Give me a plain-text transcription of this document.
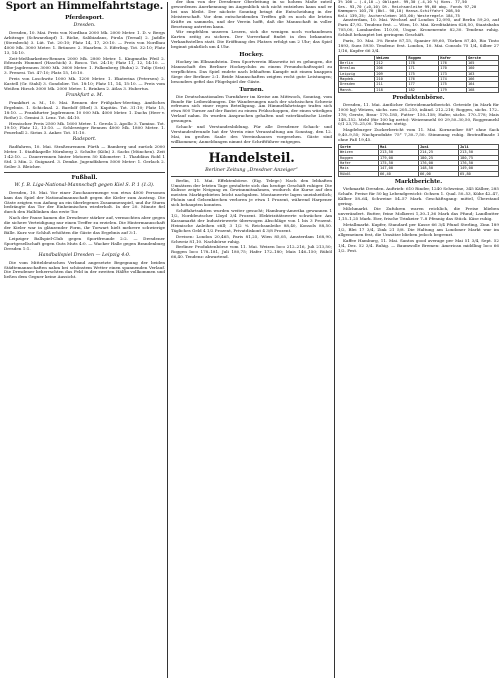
Sport an Himmelfahrtstage.
Pferdesport.
Dresden.

Dresden, 10. Mai. Preis von Nordbau 2000 Mk. 2000 Meter. 1. D. v. Bergs Arbitrage (Schwarzkopf) 1. Ricke, Salibiadans, Pirola (Ternal) 2. Jaddle (Sternbeck) 3. Lüt. Tot. 20:10; Platz 14, 17, 20:10. — Preis von Nordbau 4000 Mk. 3000 Meter. 1. Brünner. 2. Haarlem. 3. Eiferling. Tot. 32:10; Platz 13, 14:10.

Zeit-Meßbarkeiten-Rennen 2000 Mk. 2800 Meter. 1. Kingmuths Pfeil 2. Edwards Hummel (Haschick) 3. Bosco. Tot. 24:10; Platz 11, 12, 14:10. — Elbe-Jagdrennen 3000 Mk. 3600 Meter. 1. Falkenberg (Ruhn) 2. Tulip (Seiz) 3. Frenesi. Tot. 47:10; Platz 15, 16:10.

Preis von Loschwitz 1000 Mk. 1200 Meter. 1. Ekaterina (Petersen) 2. Kastell (Gr. Stahl) 3. Gondolier. Tot. 18:10; Platz 11, 14, 15:10. — Preis vom Weißen Hirsch 3000 Mk. 2000 Meter. 1. Brinken 2. Atlas 3. Hubertus.

Frankfurt a. M.

Frankfurt a. M., 10. Mai. Rennen der Frühjahrs-Meeting. Amtliches Ergebnis. 1. Schicksal. 2. Bardolf (Ebel) 3. Kapitän. Tot. 31:10; Platz 15, 18:10. — Frankfurter Jagdrennen 10 000 Mk. 4000 Meter. 1. Dachs (Herr v. Rothe) 2. Gemini 3. Lenz. Tot. 44:10.

Hessischer Preis 2500 Mk. 1600 Meter. 1. Gerola 2. Apollo 3. Tamino. Tot. 19:10; Platz 12, 13:10. — Schleswiger Rennen 4000 Mk. 1800 Meter. 1. Feuerball 2. Sirius 3. Anker. Tot. 51:10.

Radsport.

Radfahren, 10. Mai. Straßenrennen Fürth — Bamberg und zurück 2000 Meter. 1. Stadtkapelle Nürnberg 2. Schulte (Köln) 3. Sachs (München). Zeit 1:42:10. — Dauerrennen hinter Motoren 50 Kilometer: 1. Thaddäus Robl 1 Std. 2 Min. 2. Guignard. 3. Demke. Jugendfahren 5000 Meter: 1. Gerlach 2. Seiler 3. Bleicher.

Fußball.
W. f. B. Liga-National-Mannschaft gegen Kiel S. P. 1 (1:3).

Dresden, 10. Mai. Vor einer Zuschauermenge von etwa 4000 Personen kam das Spiel der Nationalmannschaft gegen die Kieler zum Austrag. Die Gäste zeigten von Anfang an ein überlegenes Zusammenspiel, und ihr Sturm bedrängte das Tor der Einheimischen wiederholt. In der 20. Minute fiel durch den Halblinken das erste Tor.

Nach der Pause kamen die Dresdener stärker auf, vermochten aber gegen die sichere Verteidigung nur einen Treffer zu erzielen. Die Hintermannschaft der Kieler war in glänzender Form, ihr Torwart hielt mehrere schwierige Bälle. Kurz vor Schluß erhöhten die Gäste das Ergebnis auf 3:1.

Leipziger Ballspiel-Club gegen Sportfreunde 2:2. — Dresdener Sportgesellschaft gegen Guts Muts 4:0. — Wacker Halle gegen Brandenburg Dresden 1:1.

Handballspiel Dresden — Leipzig 4:0.

Die vom Mitteldeutschen Verband angesetzte Begegnung der beiden Städtemannschaften nahm bei schönstem Wetter einen spannenden Verlauf. Die Dresdener beherrschten das Feld in der zweiten Hälfte vollkommen und ließen dem Gegner keine Aussicht.

der ihm von der Dresdener Oberleitung in so hohem Maße zuteil gewordenen Anerkennung im Augenblick sich nicht entziehen kann und er bei uns bleibt. Der nächste Sonntag bringt die Entscheidung in der Meisterschaft. Vor dem entscheidenden Treffen gilt es noch die letzten Kräfte zu sammeln, und der Verein hofft, daß die Mannschaft in voller Besetzung antreten kann.

Wir empfehlen unseren Lesern, sich die wenigen noch vorhandenen Karten zeitig zu sichern. Der Vorverkauf findet in den bekannten Verkaufsstellen statt. Die Eröffnung des Platzes erfolgt um 2 Uhr; das Spiel beginnt pünktlich um 4 Uhr.

Hockey.

Hockey im Elbsandstein. Dem Sportverein Blasewitz ist es gelungen, die Mannschaft des Berliner Hockeyclubs zu einem Freundschaftsspiel zu verpflichten. Das Spiel endete nach lebhaftem Kampfe mit einem knappen Siege der Berliner 2:1. Beide Mannschaften zeigten recht gute Leistungen; besonders gefiel das Flügelspiel der Gäste.

Turnen.

Die Deutschnationalen Turnfahrer im Kreise am Mittwoch, Sonntag, vom Bunde für Leibesübungen. Die Wanderungen nach der sächsischen Schweiz erfreuen sich einer regen Beteiligung. Am Himmelfahrtstage trafen sich etwa 800 Turner auf der Bastei zu einem Frühschoppen, der einen würdigen Verlauf nahm. Es wurden Ansprachen gehalten und vaterländische Lieder gesungen.

Schach- und Verstandesbildung. Für alle Dresdener Schach- und Verstandesfreunde hat der Verein eine Veranstaltung am Sonntag, den 12. Mai, im großen Saale des Vereinshauses vorgesehen. Gäste sind willkommen; Anmeldungen nimmt der Schriftführer entgegen.

Handelsteil.
Berliner Zeitung „Dresdner Anzeiger“

Berlin, 11. Mai. Effektenbörse. (Eig. Telegr.) Nach den lebhaften Umsätzen der letzten Tage gestaltete sich das heutige Geschäft ruhiger. Die Kulisse zeigte Neigung zu Gewinnmitnahmen, wodurch die Kurse auf den meisten Marktgebieten leicht nachgaben. Montanwerte lagen uneinheitlich; Phönix und Gelsenkirchen verloren je etwa 1 Prozent, während Harpener sich behaupten konnten.

Schiffahrtsaktien wurden weiter gesucht; Hamburg-Amerika gewannen 1 1/2, Norddeutscher Lloyd 3/4 Prozent. Elektrizitätswerte schwächer. Am Kassamarkt der Industriewerte überwogen Abschläge von 1 bis 3 Prozent. Heimische Anleihen still; 3 1/2 % Reichsanleihe 88,40, Konsols 88,50. Tägliches Geld 4 1/2 Prozent, Privatdiskont 4 3/8 Prozent.

Devisen: London 20,465, Paris 81,25, Wien 85,05, Amsterdam 168,90, Schweiz 81,10. Nachbörse ruhig.

Berliner Produktenbörse vom 11. Mai. Weizen loco 212–216, Juli 213,50; Roggen loco 178–181, Juli 180,75; Hafer 172–180; Mais 146–150; Rüböl 66,40. Tendenz: abwartend.

3% 100 — (-4,10 —) Obligat. 99,30 (-4,10 %) Kons. 77,50
Ges. 93,70 (+0,10) Dt. Reichsanleihe 99,60 abg. Fonds 97,20
Kammgarn 103,70 (Bbl. 98,10) Hansa-Schiffahrt 208,50
Kali 139,25; Aschersleben 163,00; Westeregeln 184,75

Amsterdam, 10. Mai. Wechsel auf London 12,095, auf Berlin 59,20, auf Paris 47,92. Tendenz fest. — Wien, 10. Mai. Kreditaktien 628,50, Staatsbahn 705,00, Lombarden 110,00, Ungar. Kronenrente 82,30. Tendenz ruhig. Schluß behauptet bei geringem Geschäft.

Paris, 10. Mai. 3% Rente 87,15, Spanier 89,60, Türken 87,40, Rio Tinto 1893, Suez 5930. Tendenz: fest. London, 10. Mai. Consols 75 1/4, Silber 27 1/16, Kupfer 66 3/4.

	Weizen	Roggen	Hafer	Gerste
Berlin	212	178	176	165
Breslau	206	171	170	160
Leipzig	209	175	173	163
Magdeb.	210	176	174	166
Dresden	211	177	175	164
Mannh.	218	182	179	168
Produktenbörse.

Dresden, 11. Mai. Amtlicher Getreidemarktbericht. Getreide (in Mark für 1000 kg) Weizen, sächs. neu 205–210, inländ. 212–216; Roggen, sächs. 172–178; Gerste, Brau- 170–185, Futter- 150–158; Hafer, sächs. 170–178; Mais 148–152. Mehl (für 100 kg netto): Weizenmehl 00 29,50–30,50, Roggenmehl 0/1 23,75–25,00. Tendenz: stetig.

Magdeburger Zuckerbericht vom 11. Mai. Kornzucker 88° ohne Sack 9,40–9,55; Nachprodukte 75° 7,30–7,50. Stimmung ruhig. Brotraffinade I ohne Faß 19,45.

Sorte	Mai	Juni	Juli
Weizen	213,50	214,25	213,50
Roggen	179,00	180,25	180,75
Hafer	175,50	176,00	176,50
Mais	147,00	148,50	149,00
Rüböl	66,40	66,00	65,80
Marktberichte.

Viehmarkt Dresden. Auftrieb: 610 Rinder, 1240 Schweine, 345 Kälber, 285 Schafe. Preise für 50 kg Lebendgewicht: Ochsen 1. Qual. 50–53, Kühe 42–47, Kälber 58–64, Schweine 54–57 Mark. Geschäftsgang: mittel, Überstand gering.

Milchmarkt. Die Zufuhren waren reichlich, die Preise blieben unverändert. Butter, feine Molkerei 1,30–1,36 Mark das Pfund; Landbutter 1,15–1,25 Mark. Eier, frische Trinkeier 7–8 Pfennig das Stück. Käse ruhig.

Metallmarkt. Kupfer, Standard per Kasse 66 3/4 Pfund Sterling, Zinn 189 1/2, Blei 17 3/4, Zink 21 5/8. Die Haltung am Londoner Markt war im allgemeinen fest, die Umsätze blieben jedoch begrenzt.

Kaffee Hamburg, 11. Mai. Santos good average per Mai 51 3/4, Sept. 52 1/4, Dez. 52 3/4. Ruhig. — Baumwolle Bremen: American middling loco 66 1/2. Fest.
